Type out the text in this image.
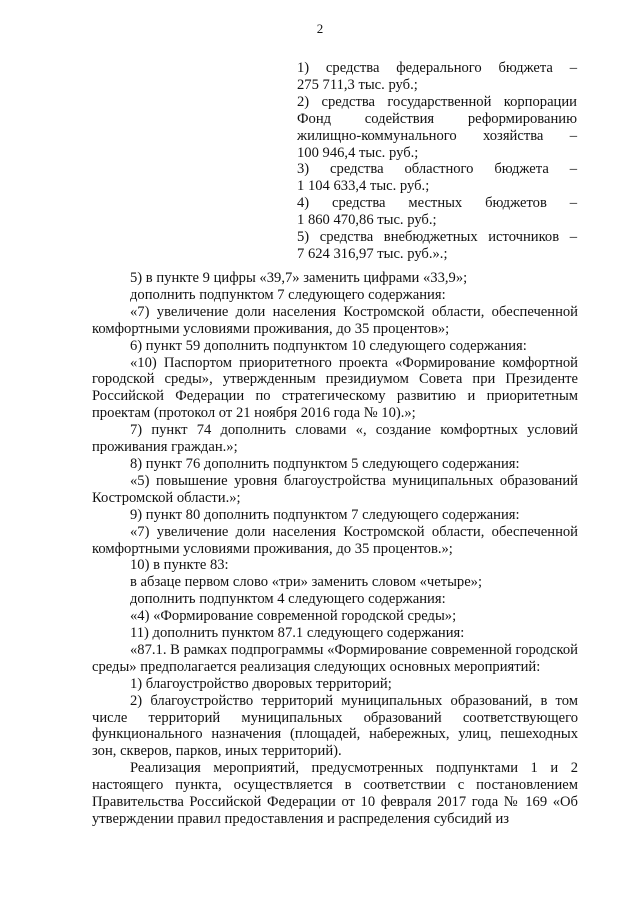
2

1) средства федерального бюджета –

275 711,3 тыс. руб.;

2) средства государственной корпорации

Фонд содействия реформированию

жилищно-коммунального хозяйства –

100 946,4 тыс. руб.;

3) средства областного бюджета –

1 104 633,4 тыс. руб.;

4) средства местных бюджетов –

1 860 470,86 тыс. руб.;

5) средства внебюджетных источников –

7 624 316,97 тыс. руб.».;

5) в пункте 9 цифры «39,7» заменить цифрами «33,9»;

дополнить подпунктом 7 следующего содержания:

«7) увеличение доли населения Костромской области, обеспеченной комфортными условиями проживания, до 35 процентов»;

6) пункт 59 дополнить подпунктом 10 следующего содержания:

«10) Паспортом приоритетного проекта «Формирование комфортной городской среды», утвержденным президиумом Совета при Президенте Российской Федерации по стратегическому развитию и приоритетным проектам (протокол от 21 ноября 2016 года № 10).»;

7) пункт 74 дополнить словами «, создание комфортных условий проживания граждан.»;

8) пункт 76 дополнить подпунктом 5 следующего содержания:

«5) повышение уровня благоустройства муниципальных образований Костромской области.»;

9) пункт 80 дополнить подпунктом 7 следующего содержания:

«7) увеличение доли населения Костромской области, обеспеченной комфортными условиями проживания, до 35 процентов.»;

10) в пункте 83:

в абзаце первом слово «три» заменить словом «четыре»;

дополнить подпунктом 4 следующего содержания:

«4) «Формирование современной городской среды»;

11) дополнить пунктом 87.1 следующего содержания:

«87.1. В рамках подпрограммы «Формирование современной городской среды» предполагается реализация следующих основных мероприятий:

1) благоустройство дворовых территорий;

2) благоустройство территорий муниципальных образований, в том числе территорий муниципальных образований соответствующего функционального назначения (площадей, набережных, улиц, пешеходных зон, скверов, парков, иных территорий).

Реализация мероприятий, предусмотренных подпунктами 1 и 2 настоящего пункта, осуществляется в соответствии с постановлением Правительства Российской Федерации от 10 февраля 2017 года № 169 «Об утверждении правил предоставления и распределения субсидий из
